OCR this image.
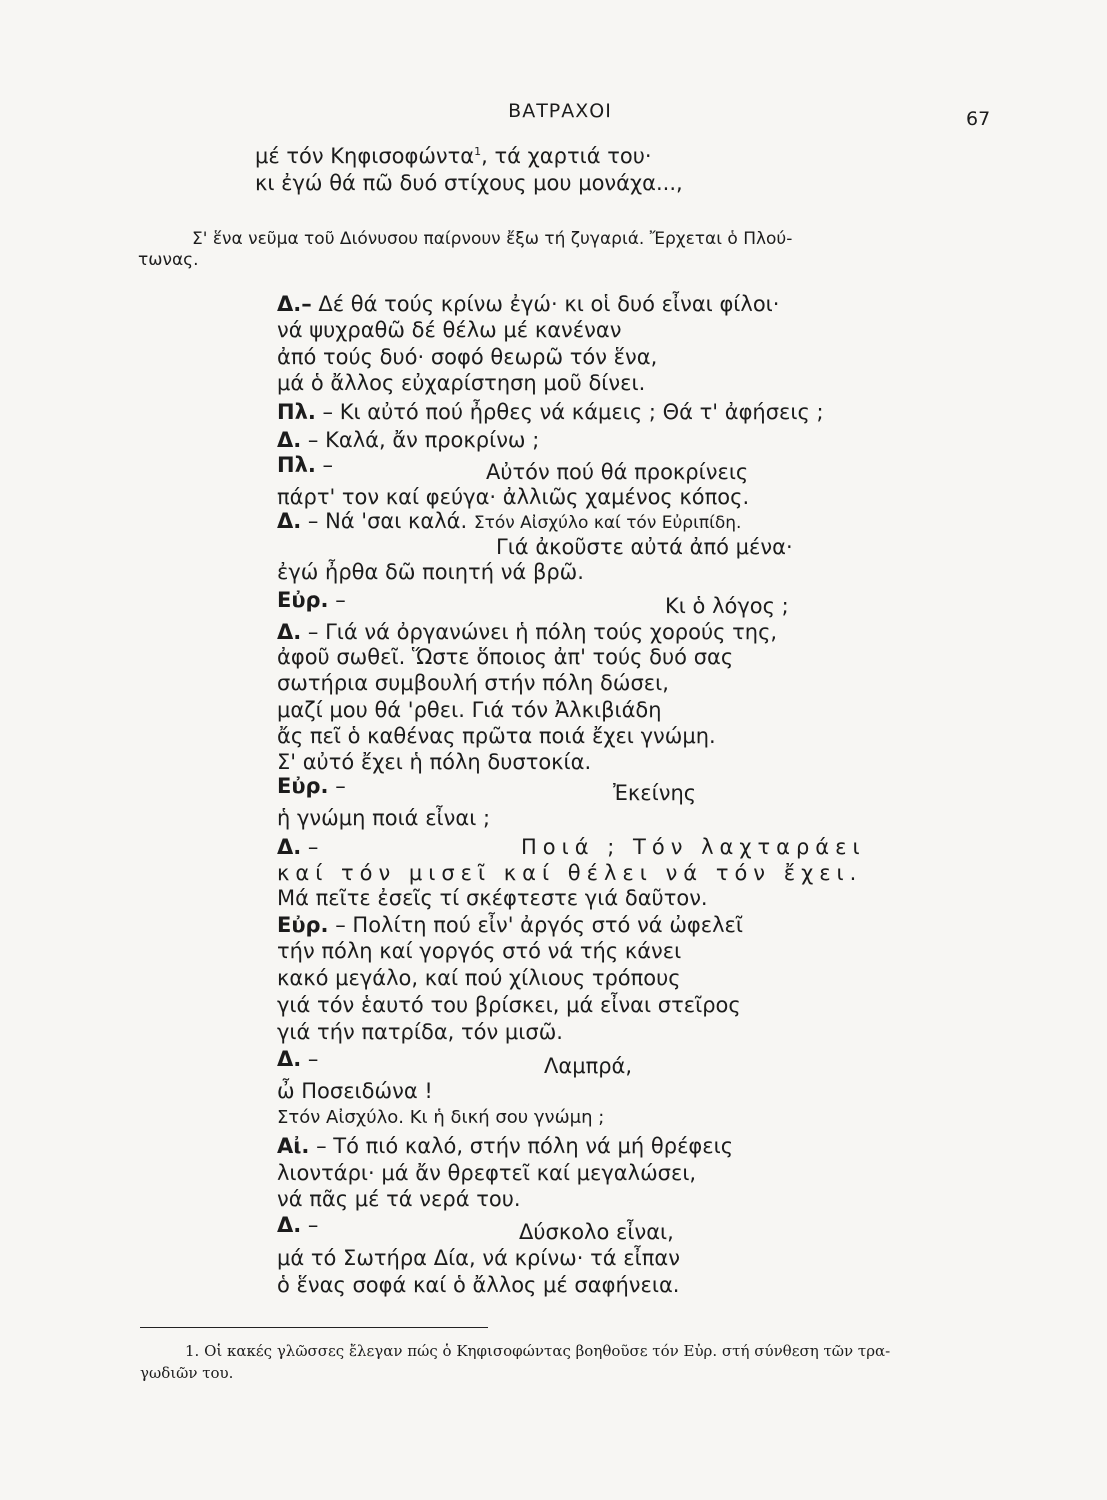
ΒΑΤΡΑΧΟΙ	67
μέ τόν Κηφισοφώντα$^1$, τά χαρτιά του·
κι ἐγώ θά πῶ δυό στίχους μου μονάχα...,
Σ' ἕνα νεῦμα τοῦ Διόνυσου παίρνουν ἔξω τή ζυγαριά. Ἔρχεται ὁ Πλού-
τωνας.
Δ.– Δέ θά τούς κρίνω ἐγώ· κι οἱ δυό εἶναι φίλοι·
νά ψυχραθῶ δέ θέλω μέ κανέναν
ἀπό τούς δυό· σοφό θεωρῶ τόν ἕνα,
μά ὁ ἄλλος εὐχαρίστηση μοῦ δίνει.
Πλ. – Κι αὐτό πού ἦρθες νά κάμεις ; Θά τ' ἀφήσεις ;
Δ. – Καλά, ἄν προκρίνω ;
Πλ. –	Αὐτόν πού θά προκρίνεις
πάρτ' τον καί φεύγα· ἀλλιῶς χαμένος κόπος.
Δ. – Νά 'σαι καλά. Στόν Αἰσχύλο καί τόν Εὐριπίδη.
Γιά ἀκοῦστε αὐτά ἀπό μένα·
ἐγώ ἦρθα δῶ ποιητή νά βρῶ.
Εὐρ. –	Κι ὁ λόγος ;
Δ. – Γιά νά ὀργανώνει ἡ πόλη τούς χορούς της,
ἀφοῦ σωθεῖ. Ὥστε ὅποιος ἀπ' τούς δυό σας
σωτήρια συμβουλή στήν πόλη δώσει,
μαζί μου θά 'ρθει. Γιά τόν Ἀλκιβιάδη
ἄς πεῖ ὁ καθένας πρῶτα ποιά ἔχει γνώμη.
Σ' αὐτό ἔχει ἡ πόλη δυστοκία.
Εὐρ. –	Ἐκείνης
ἡ γνώμη ποιά εἶναι ;
Δ. –	Ποιά ; Τόν λαχταράει
καί τόν μισεῖ καί θέλει νά τόν ἔχει.
Μά πεῖτε ἐσεῖς τί σκέφτεστε γιά δαῦτον.
Εὐρ. – Πολίτη πού εἶν' ἀργός στό νά ὠφελεῖ
τήν πόλη καί γοργός στό νά τής κάνει
κακό μεγάλο, καί πού χίλιους τρόπους
γιά τόν ἑαυτό του βρίσκει, μά εἶναι στεῖρος
γιά τήν πατρίδα, τόν μισῶ.
Δ. –	Λαμπρά,
ὦ Ποσειδώνα !
Στόν Αἰσχύλο. Κι ἡ δική σου γνώμη ;
Αἰ. – Τό πιό καλό, στήν πόλη νά μή θρέφεις
λιοντάρι· μά ἄν θρεφτεῖ καί μεγαλώσει,
νά πᾶς μέ τά νερά του.
Δ. –	Δύσκολο εἶναι,
μά τό Σωτήρα Δία, νά κρίνω· τά εἶπαν
ὁ ἕνας σοφά καί ὁ ἄλλος μέ σαφήνεια.
1. Οἱ κακές γλῶσσες ἔλεγαν πώς ὁ Κηφισοφώντας βοηθοῦσε τόν Εὐρ. στή σύνθεση τῶν τρα-
γωδιῶν του.
